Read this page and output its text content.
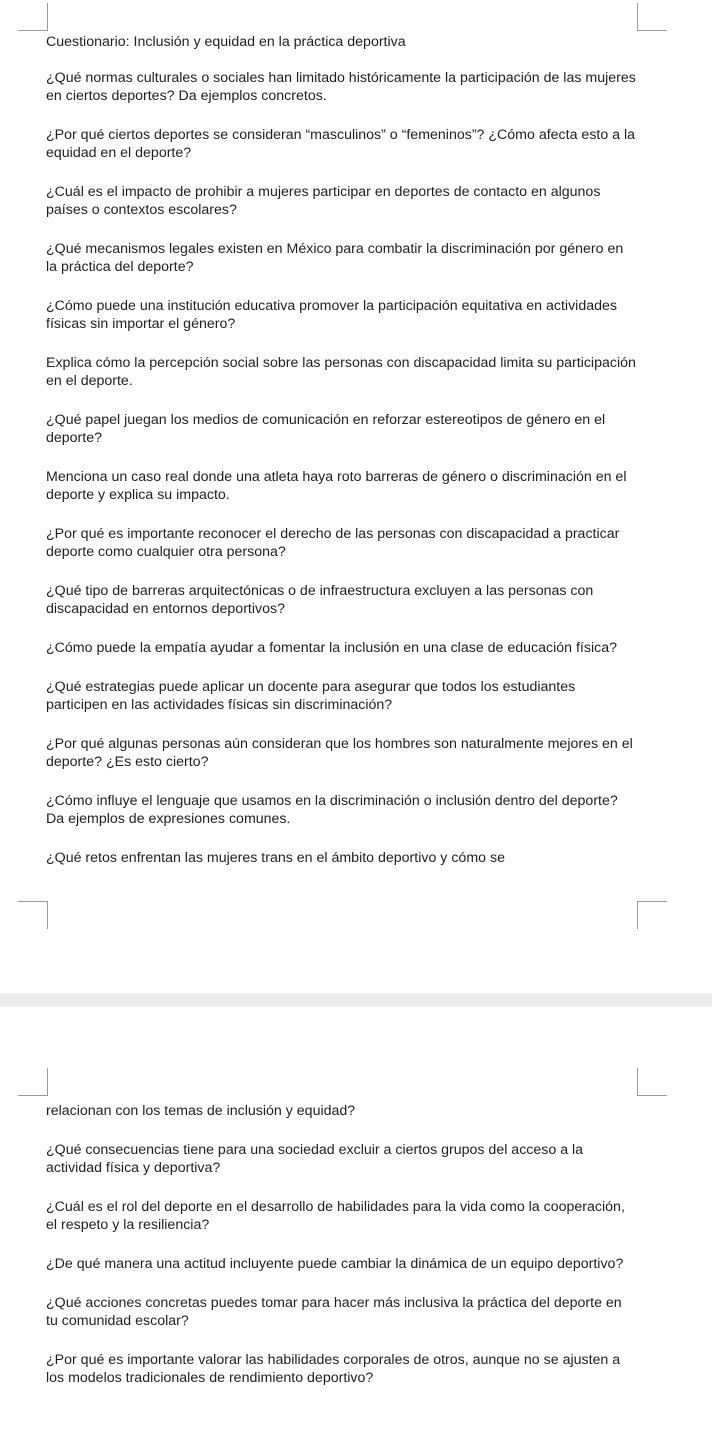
Cuestionario: Inclusión y equidad en la práctica deportiva

¿Qué normas culturales o sociales han limitado históricamente la participación de las mujeres en ciertos deportes? Da ejemplos concretos.

¿Por qué ciertos deportes se consideran “masculinos” o “femeninos”? ¿Cómo afecta esto a la equidad en el deporte?

¿Cuál es el impacto de prohibir a mujeres participar en deportes de contacto en algunos países o contextos escolares?

¿Qué mecanismos legales existen en México para combatir la discriminación por género en la práctica del deporte?

¿Cómo puede una institución educativa promover la participación equitativa en actividades físicas sin importar el género?

Explica cómo la percepción social sobre las personas con discapacidad limita su participación en el deporte.

¿Qué papel juegan los medios de comunicación en reforzar estereotipos de género en el deporte?

Menciona un caso real donde una atleta haya roto barreras de género o discriminación en el deporte y explica su impacto.

¿Por qué es importante reconocer el derecho de las personas con discapacidad a practicar deporte como cualquier otra persona?

¿Qué tipo de barreras arquitectónicas o de infraestructura excluyen a las personas con discapacidad en entornos deportivos?

¿Cómo puede la empatía ayudar a fomentar la inclusión en una clase de educación física?

¿Qué estrategias puede aplicar un docente para asegurar que todos los estudiantes participen en las actividades físicas sin discriminación?

¿Por qué algunas personas aún consideran que los hombres son naturalmente mejores en el deporte? ¿Es esto cierto?

¿Cómo influye el lenguaje que usamos en la discriminación o inclusión dentro del deporte? Da ejemplos de expresiones comunes.

¿Qué retos enfrentan las mujeres trans en el ámbito deportivo y cómo se

relacionan con los temas de inclusión y equidad?

¿Qué consecuencias tiene para una sociedad excluir a ciertos grupos del acceso a la actividad física y deportiva?

¿Cuál es el rol del deporte en el desarrollo de habilidades para la vida como la cooperación, el respeto y la resiliencia?

¿De qué manera una actitud incluyente puede cambiar la dinámica de un equipo deportivo?

¿Qué acciones concretas puedes tomar para hacer más inclusiva la práctica del deporte en tu comunidad escolar?

¿Por qué es importante valorar las habilidades corporales de otros, aunque no se ajusten a los modelos tradicionales de rendimiento deportivo?
